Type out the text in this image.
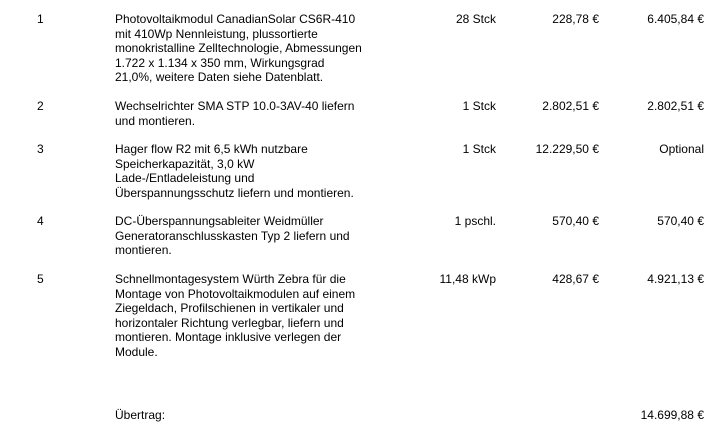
1	Photovoltaikmodul CanadianSolar CS6R-410
mit 410Wp Nennleistung, plussortierte
monokristalline Zelltechnologie, Abmessungen
1.722 x 1.134 x 350 mm, Wirkungsgrad
21,0%, weitere Daten siehe Datenblatt.
28 Stck	228,78 €	6.405,84 €
2	Wechselrichter SMA STP 10.0-3AV-40 liefern
und montieren.
1 Stck	2.802,51 €	2.802,51 €
3	Hager flow R2 mit 6,5 kWh nutzbare
Speicherkapazität, 3,0 kW
Lade-/Entladeleistung und
Überspannungsschutz liefern und montieren.
1 Stck	12.229,50 €	Optional
4	DC-Überspannungsableiter Weidmüller
Generatoranschlusskasten Typ 2 liefern und
montieren.
1 pschl.	570,40 €	570,40 €
5	Schnellmontagesystem Würth Zebra für die
Montage von Photovoltaikmodulen auf einem
Ziegeldach, Profilschienen in vertikaler und
horizontaler Richtung verlegbar, liefern und
montieren. Montage inklusive verlegen der
Module.
11,48 kWp	428,67 €	4.921,13 €
Übertrag:	14.699,88 €
